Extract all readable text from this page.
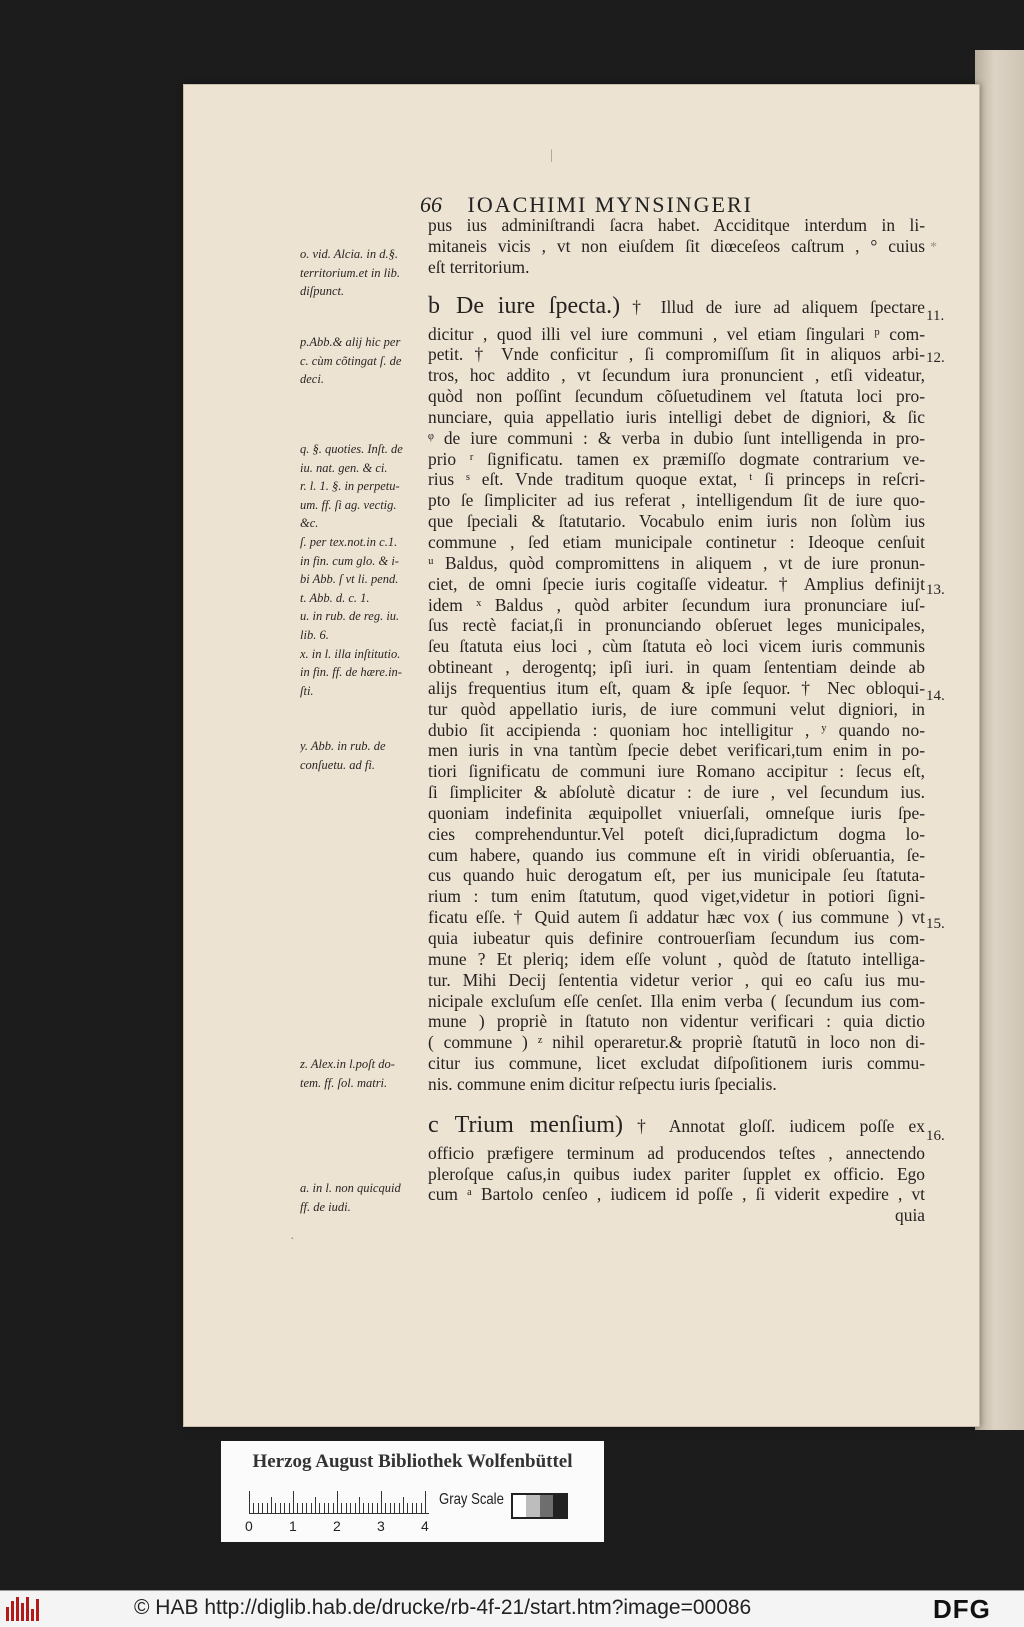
66 IOACHIMI MYNSINGERI
pus ius adminiſtrandi ſacra habet. Acciditque interdum in li-
mitaneis vicis , vt non eiuſdem ſit diœceſeos caſtrum , ° cuius
eſt territorium.
b De iure ſpecta.) † Illud de iure ad aliquem ſpectare
dicitur , quod illi vel iure communi , vel etiam ſingulari ᵖ com-
petit. † Vnde conficitur , ſi compromiſſum ſit in aliquos arbi-
tros, hoc addito , vt ſecundum iura pronuncient , etſi videatur,
quòd non poſſint ſecundum cõſuetudinem vel ſtatuta loci pro-
nunciare, quia appellatio iuris intelligi debet de digniori, & ſic
ᵠ de iure communi : & verba in dubio ſunt intelligenda in pro-
prio ʳ ſignificatu. tamen ex præmiſſo dogmate contrarium ve-
rius ˢ eſt. Vnde traditum quoque extat, ᵗ ſi princeps in reſcri-
pto ſe ſimpliciter ad ius referat , intelligendum ſit de iure quo-
que ſpeciali & ſtatutario. Vocabulo enim iuris non ſolùm ius
commune , ſed etiam municipale continetur : Ideoque cenſuit
ᵘ Baldus, quòd compromittens in aliquem , vt de iure pronun-
ciet, de omni ſpecie iuris cogitaſſe videatur. † Amplius definijt
idem ˣ Baldus , quòd arbiter ſecundum iura pronunciare iuſ-
ſus rectè faciat,ſi in pronunciando obſeruet leges municipales,
ſeu ſtatuta eius loci , cùm ſtatuta eò loci vicem iuris communis
obtineant , derogentq; ipſi iuri. in quam ſententiam deinde ab
alijs frequentius itum eſt, quam & ipſe ſequor. † Nec obloqui-
tur quòd appellatio iuris, de iure communi velut digniori, in
dubio ſit accipienda : quoniam hoc intelligitur , ʸ quando no-
men iuris in vna tantùm ſpecie debet verificari,tum enim in po-
tiori ſignificatu de communi iure Romano accipitur : ſecus eſt,
ſi ſimpliciter & abſolutè dicatur : de iure , vel ſecundum ius.
quoniam indefinita æquipollet vniuerſali, omneſque iuris ſpe-
cies comprehenduntur.Vel poteſt dici,ſupradictum dogma lo-
cum habere, quando ius commune eſt in viridi obſeruantia, ſe-
cus quando huic derogatum eſt, per ius municipale ſeu ſtatuta-
rium : tum enim ſtatutum, quod viget,videtur in potiori ſigni-
ficatu eſſe. † Quid autem ſi addatur hæc vox ( ius commune ) vt
quia iubeatur quis definire controuerſiam ſecundum ius com-
mune ? Et pleriq; idem eſſe volunt , quòd de ſtatuto intelliga-
tur. Mihi Decij ſententia videtur verior , qui eo caſu ius mu-
nicipale excluſum eſſe cenſet. Illa enim verba ( ſecundum ius com-
mune ) propriè in ſtatuto non videntur verificari : quia dictio
( commune ) ᶻ nihil operaretur.& propriè ſtatutũ in loco non di-
citur ius commune, licet excludat diſpoſitionem iuris commu-
nis. commune enim dicitur reſpectu iuris ſpecialis.
c Trium menſium) † Annotat gloſſ. iudicem poſſe ex
officio præfigere terminum ad producendos teſtes , annectendo
pleroſque caſus,in quibus iudex pariter ſupplet ex officio. Ego
cum ᵃ Bartolo cenſeo , iudicem id poſſe , ſi viderit expedire , vt
quia
o. vid. Alcia. in d.§.
territorium.et in lib.
diſpunct.
p.Abb.& alij hic per
c. cùm cõtingat ſ. de
deci.
q. §. quoties. Inſt. de
iu. nat. gen. & ci.
r. l. 1. §. in perpetu-
um. ff. ſi ag. vectig.
&c.
ſ. per tex.not.in c.1.
in fin. cum glo. & i-
bi Abb. ſ vt li. pend.
t. Abb. d. c. 1.
u. in rub. de reg. iu.
lib. 6.
x. in l. illa inſtitutio.
in fin. ff. de hære.in-
ſti.
y. Abb. in rub. de
conſuetu. ad fi.
z. Alex.in l.poſt do-
tem. ff. ſol. matri.
a. in l. non quicquid
ff. de iudi.
11.
12.
13.
14.
15.
16.
|
*
·
Herzog August Bibliothek Wolfenbüttel
0	1	2	3	4
Gray Scale
© HAB http://diglib.hab.de/drucke/rb-4f-21/start.htm?image=00086	DFG
